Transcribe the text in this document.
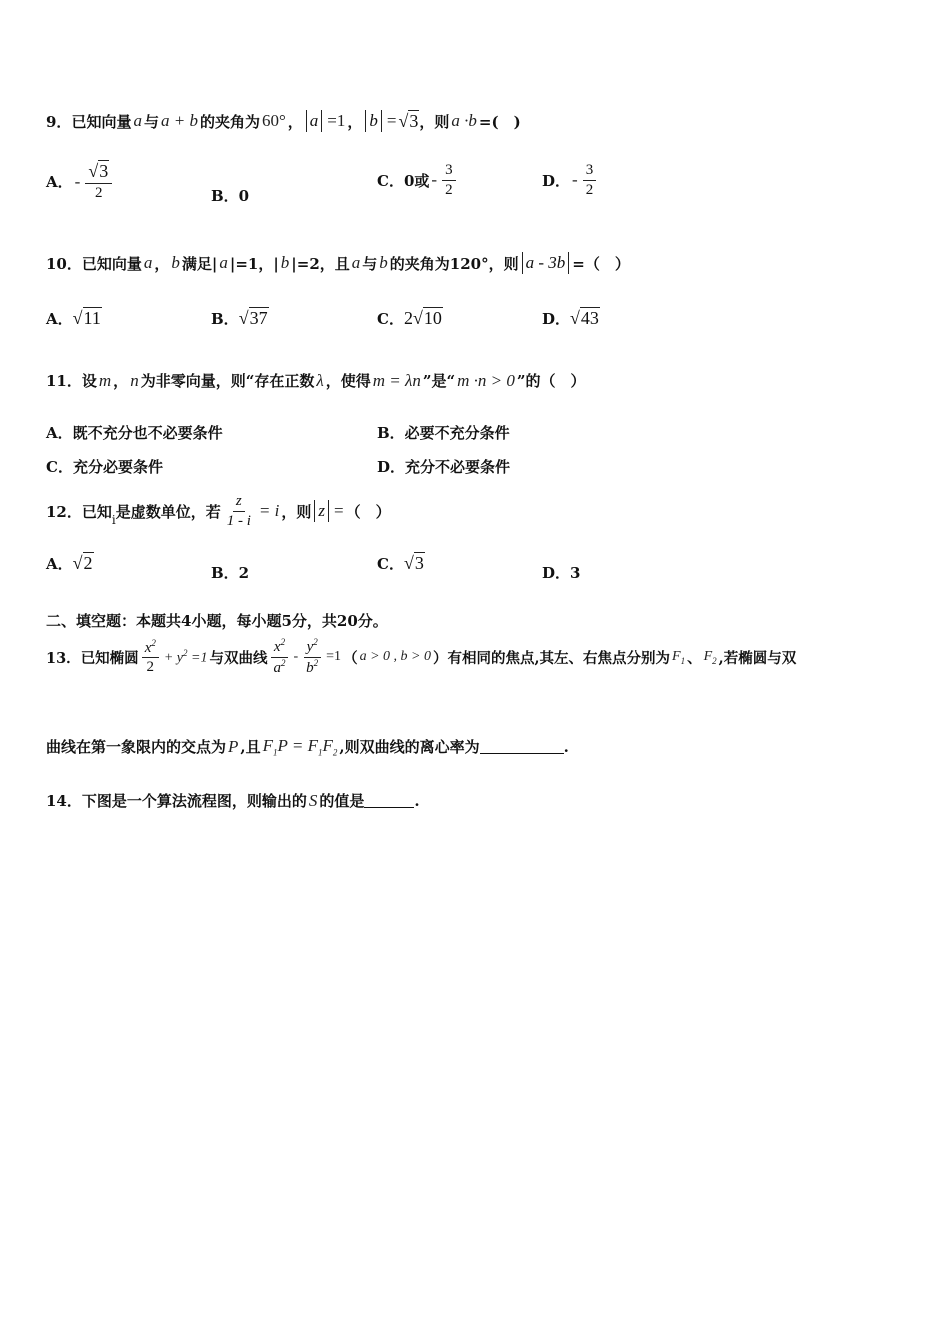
9． 已知向量 a 与 a + b 的夹角为 60° ， a =1 ， b = √3 ，则 a ·b =(　)
A． - $\frac{√3}{2}$	B．0
C．0或 - $\frac{3}{2}$	D． - $\frac{3}{2}$
10． 已知向量 a ， b 满足| a |=1，| b |=2，且 a 与 b 的夹角为120°，则 a - 3b =（　）
A． √11	B． √37	C． 2√10	D． √43
11． 设 m ， n 为非零向量，则“存在正数 λ ，使得 m = λn ”是“ m ·n > 0 ”的（　）
A．既不充分也不必要条件	B．必要不充分条件
C．充分必要条件	D．充分不必要条件
12． 已知 i 是虚数单位，若 $\frac{z}{1 - i} = i$ ，则 z = （　）
A． √2	B．2	C． √3	D．3
二、填空题：本题共4小题，每小题5分，共20分。
13． 已知椭圆 $\frac{x^2}{2} + y^2 =1$ 与双曲线 $\frac{x^2}{a^2} - \frac{y^2}{b^2} =1$ （ a > 0 , b > 0 ）有相同的焦点,其左、右焦点分别为 $F_1$ 、 $F_2$ ,若椭圆与双
曲线在第一象限内的交点为 P ,且 $F_1P = F_1F_2$ ,则双曲线的离心率为	.
14． 下图是一个算法流程图，则输出的 S 的值是	.
